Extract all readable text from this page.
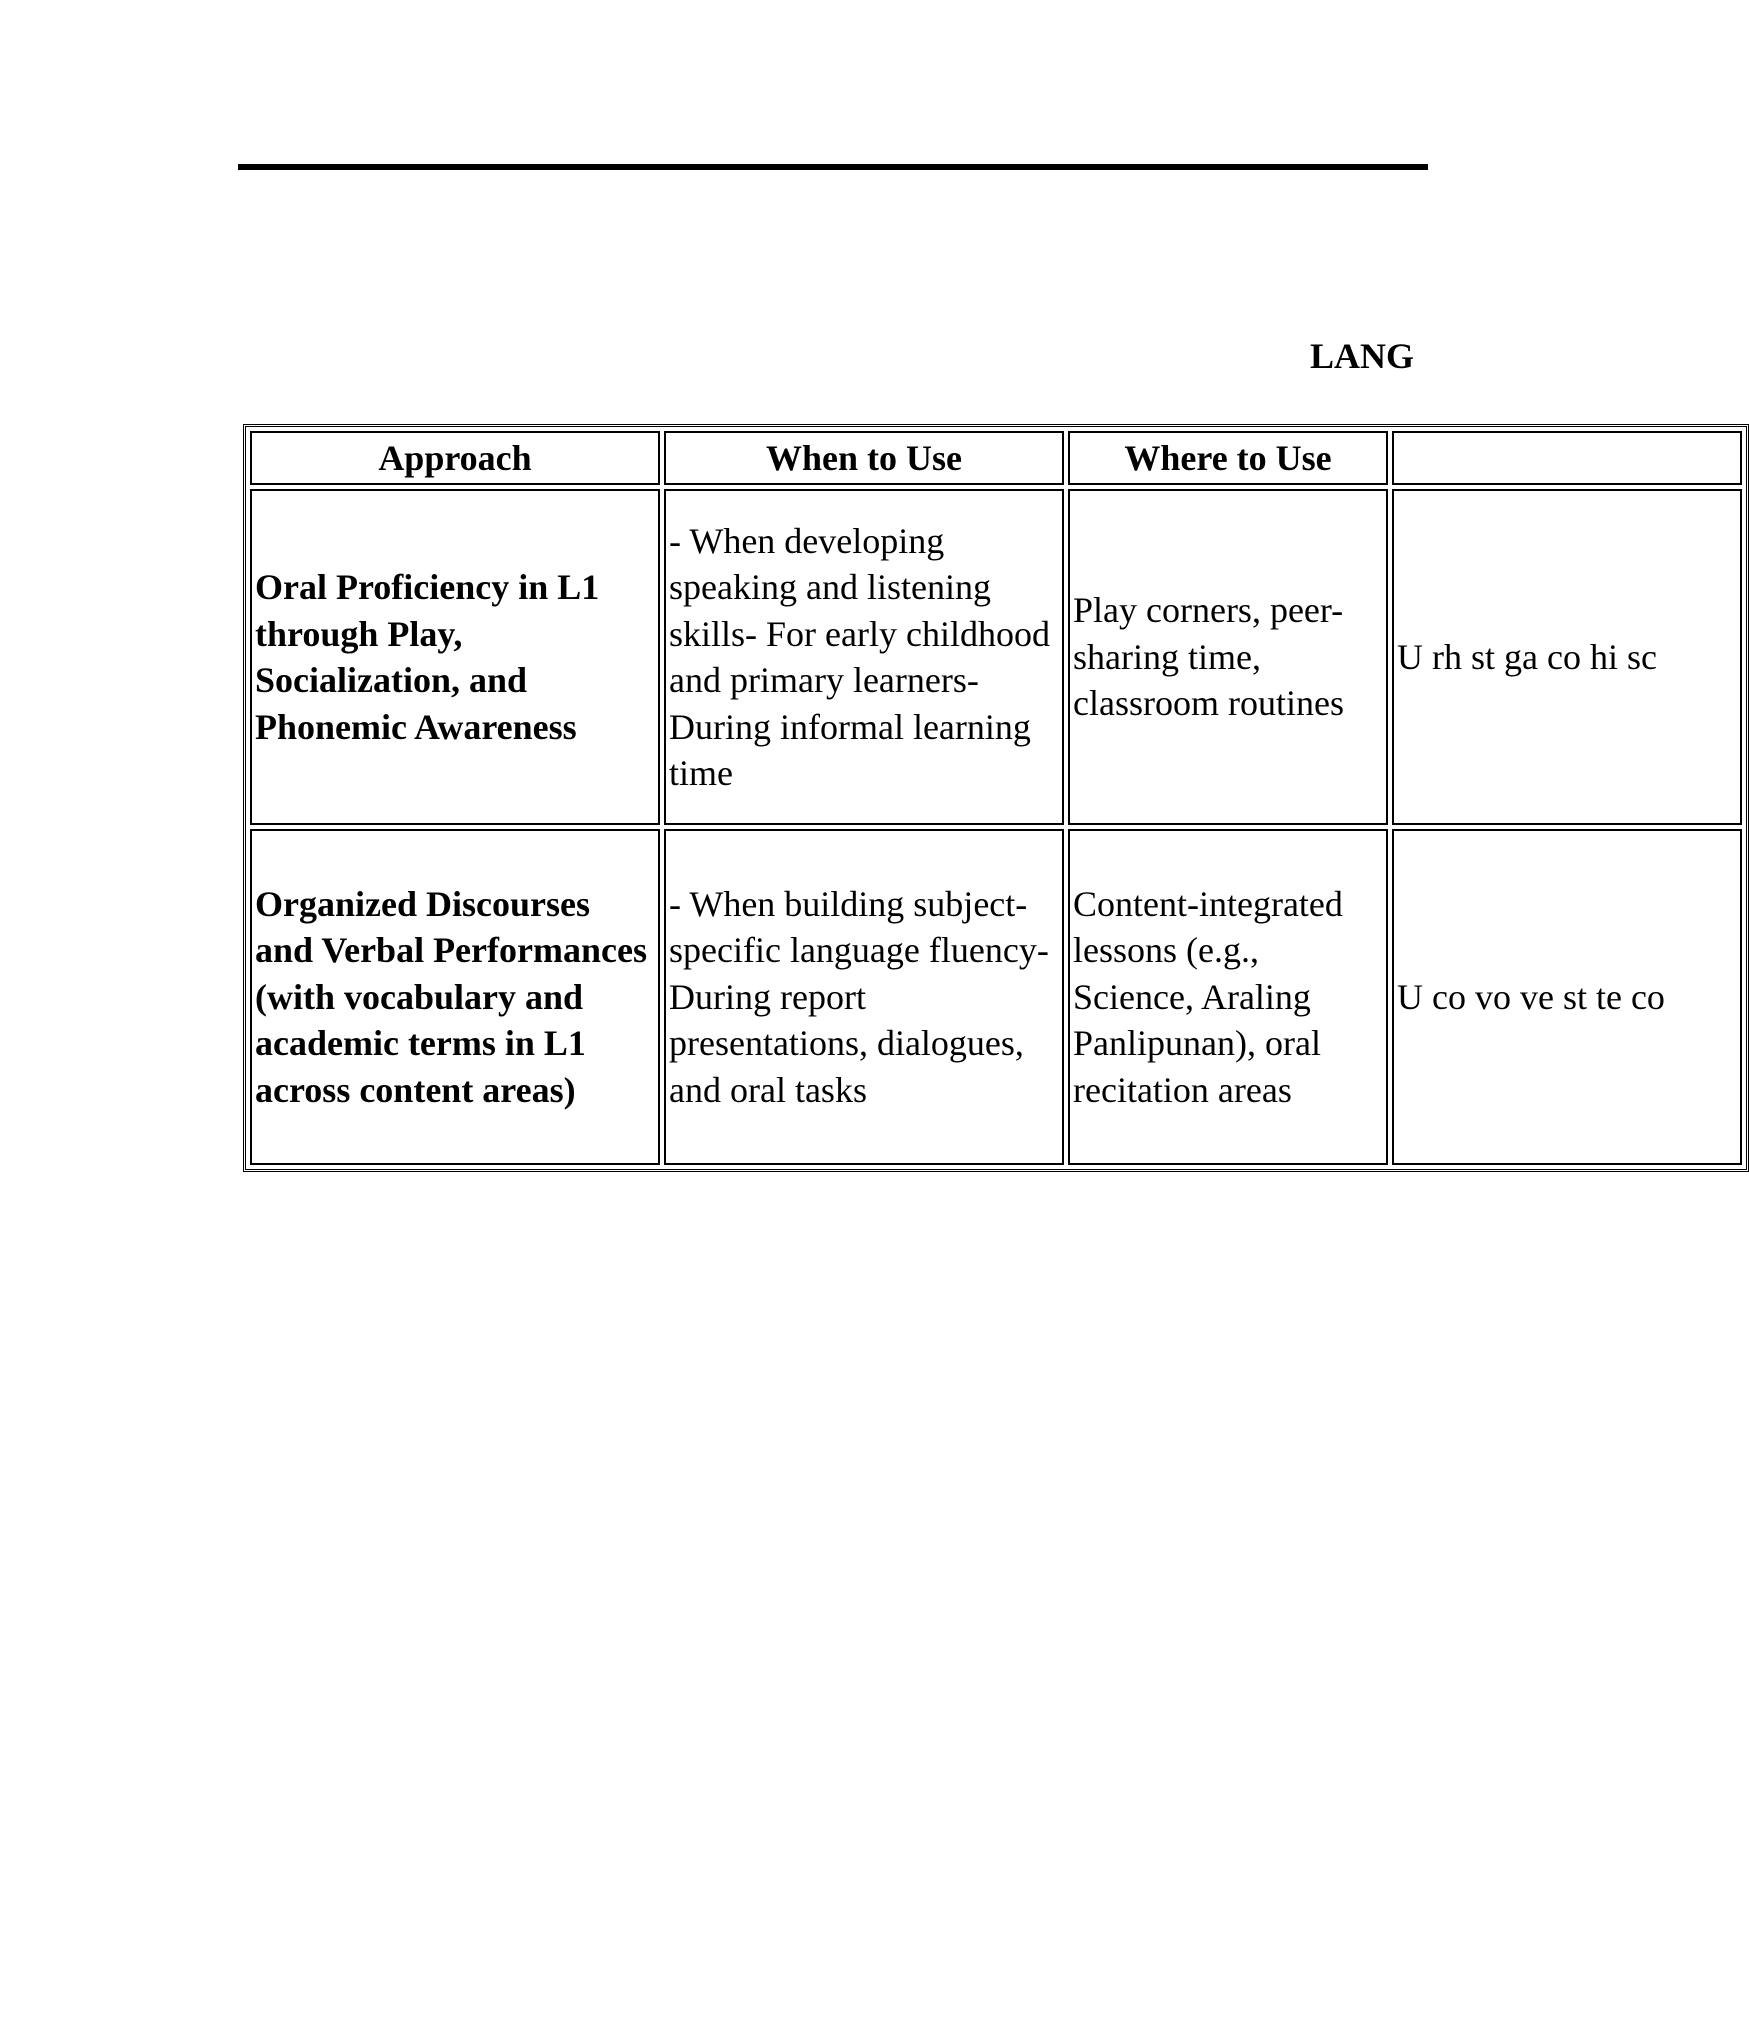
LANG
Approach	When to Use	Where to Use	
Oral Proficiency in L1 through Play, Socialization, and Phonemic Awareness	- When developing speaking and listening skills- For early childhood and primary learners- During informal learning time	Play corners, peer-sharing time, classroom routines	U rh st ga co hi sc
Organized Discourses and Verbal Performances (with vocabulary and academic terms in L1 across content areas)	- When building subject-specific language fluency- During report presentations, dialogues, and oral tasks	Content-integrated lessons (e.g., Science, Araling Panlipunan), oral recitation areas	U co vo ve st te co
